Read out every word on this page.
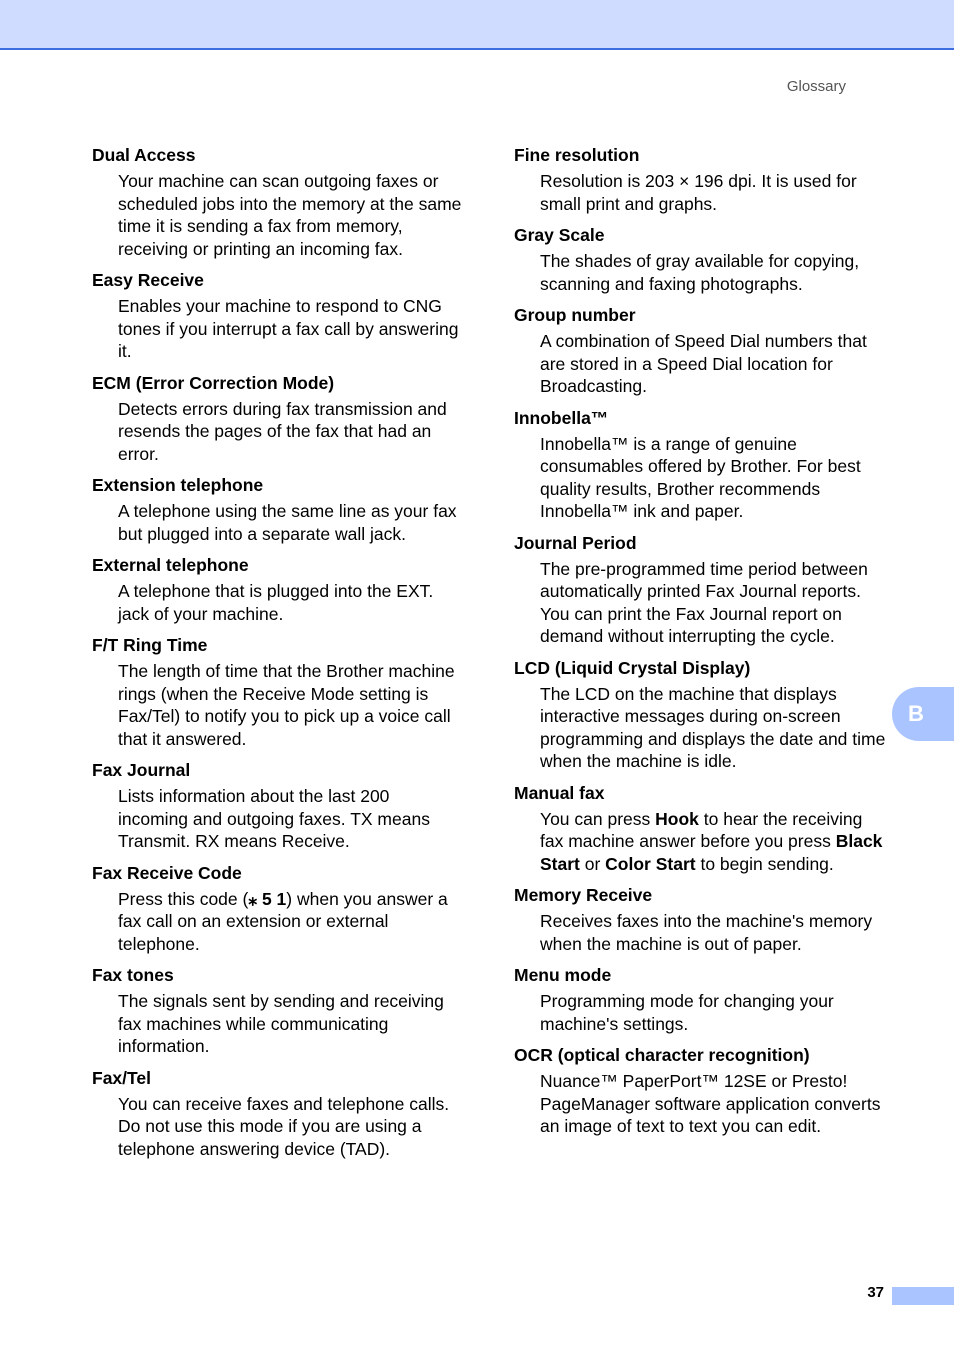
Glossary

Dual Access

Your machine can scan outgoing faxes or scheduled jobs into the memory at the same time it is sending a fax from memory, receiving or printing an incoming fax.

Easy Receive

Enables your machine to respond to CNG tones if you interrupt a fax call by answering it.

ECM (Error Correction Mode)

Detects errors during fax transmission and resends the pages of the fax that had an error.

Extension telephone

A telephone using the same line as your fax but plugged into a separate wall jack.

External telephone

A telephone that is plugged into the EXT. jack of your machine.

F/T Ring Time

The length of time that the Brother machine rings (when the Receive Mode setting is Fax/Tel) to notify you to pick up a voice call that it answered.

Fax Journal

Lists information about the last 200 incoming and outgoing faxes. TX means Transmit. RX means Receive.

Fax Receive Code

Press this code (⁎ 5 1) when you answer a fax call on an extension or external telephone.

Fax tones

The signals sent by sending and receiving fax machines while communicating information.

Fax/Tel

You can receive faxes and telephone calls. Do not use this mode if you are using a telephone answering device (TAD).

Fine resolution

Resolution is 203 × 196 dpi. It is used for small print and graphs.

Gray Scale

The shades of gray available for copying, scanning and faxing photographs.

Group number

A combination of Speed Dial numbers that are stored in a Speed Dial location for Broadcasting.

Innobella™

Innobella™ is a range of genuine consumables offered by Brother. For best quality results, Brother recommends Innobella™ ink and paper.

Journal Period

The pre-programmed time period between automatically printed Fax Journal reports. You can print the Fax Journal report on demand without interrupting the cycle.

LCD (Liquid Crystal Display)

The LCD on the machine that displays interactive messages during on-screen programming and displays the date and time when the machine is idle.

Manual fax

You can press Hook to hear the receiving fax machine answer before you press Black Start or Color Start to begin sending.

Memory Receive

Receives faxes into the machine's memory when the machine is out of paper.

Menu mode

Programming mode for changing your machine's settings.

OCR (optical character recognition)

Nuance™ PaperPort™ 12SE or Presto! PageManager software application converts an image of text to text you can edit.

B
37
